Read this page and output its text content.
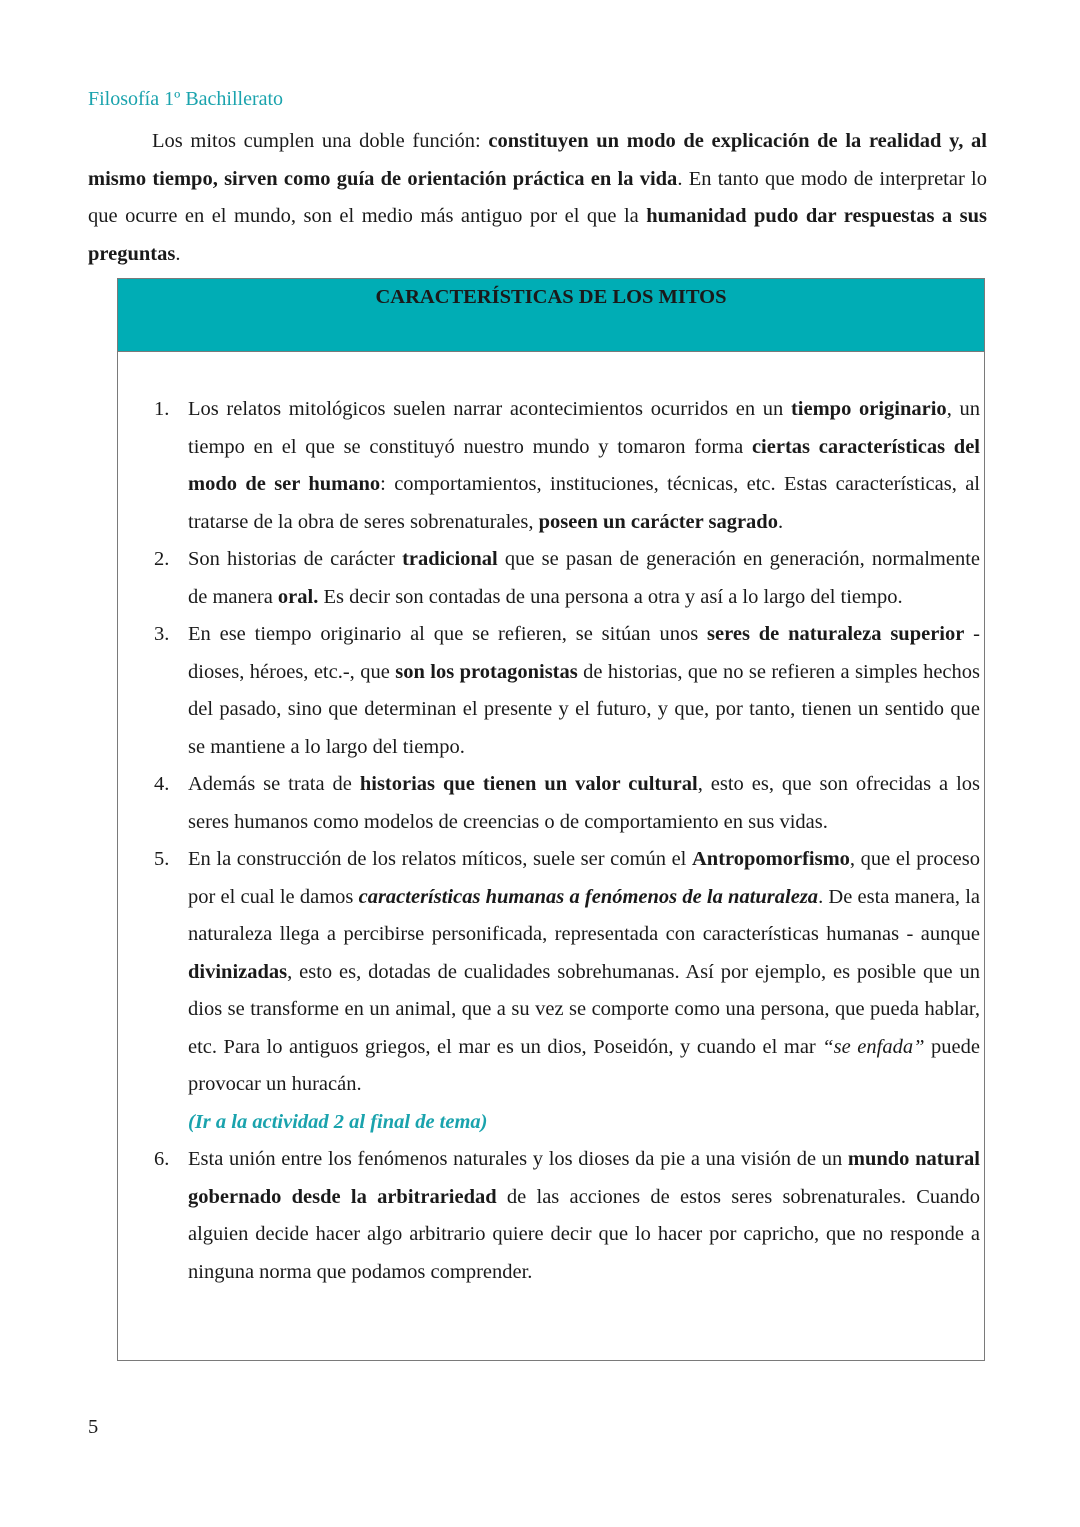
Filosofía 1º Bachillerato

Los mitos cumplen una doble función: constituyen un modo de explicación de la realidad y, al mismo tiempo, sirven como guía de orientación práctica en la vida. En tanto que modo de interpretar lo que ocurre en el mundo, son el medio más antiguo por el que la humanidad pudo dar respuestas a sus preguntas.

CARACTERÍSTICAS DE LOS MITOS
1. Los relatos mitológicos suelen narrar acontecimientos ocurridos en un tiempo originario, un tiempo en el que se constituyó nuestro mundo y tomaron forma ciertas características del modo de ser humano: comportamientos, instituciones, técnicas, etc. Estas características, al tratarse de la obra de seres sobrenaturales, poseen un carácter sagrado.
2. Son historias de carácter tradicional que se pasan de generación en generación, normalmente de manera oral. Es decir son contadas de una persona a otra y así a lo largo del tiempo.
3. En ese tiempo originario al que se refieren, se sitúan unos seres de naturaleza superior -dioses, héroes, etc.-, que son los protagonistas de historias, que no se refieren a simples hechos del pasado, sino que determinan el presente y el futuro, y que, por tanto, tienen un sentido que se mantiene a lo largo del tiempo.
4. Además se trata de historias que tienen un valor cultural, esto es, que son ofrecidas a los seres humanos como modelos de creencias o de comportamiento en sus vidas.
5. En la construcción de los relatos míticos, suele ser común el Antropomorfismo, que el proceso por el cual le damos características humanas a fenómenos de la naturaleza. De esta manera, la naturaleza llega a percibirse personificada, representada con características humanas - aunque divinizadas, esto es, dotadas de cualidades sobrehumanas. Así por ejemplo, es posible que un dios se transforme en un animal, que a su vez se comporte como una persona, que pueda hablar, etc. Para lo antiguos griegos, el mar es un dios, Poseidón, y cuando el mar “se enfada” puede provocar un huracán.
(Ir a la actividad 2 al final de tema)
6. Esta unión entre los fenómenos naturales y los dioses da pie a una visión de un mundo natural gobernado desde la arbitrariedad de las acciones de estos seres sobrenaturales. Cuando alguien decide hacer algo arbitrario quiere decir que lo hacer por capricho, que no responde a ninguna norma que podamos comprender.
5
